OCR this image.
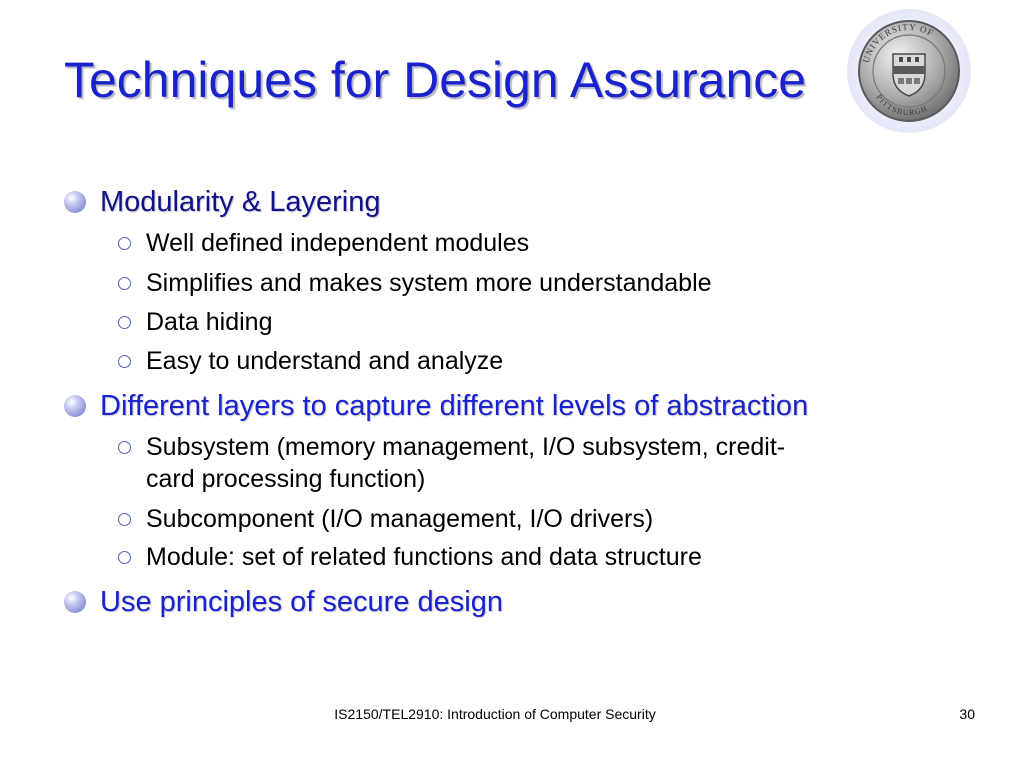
Techniques for Design Assurance	UNIVERSITY OF
PITTSBURGH
Modularity & Layering
Well defined independent modules
Simplifies and makes system more understandable
Data hiding
Easy to understand and analyze
Different layers to capture different levels of abstraction
Subsystem (memory management, I/O subsystem, credit-
card processing function)
Subcomponent (I/O management, I/O drivers)
Module: set of related functions and data structure
Use principles of secure design
IS2150/TEL2910: Introduction of Computer Security	30
